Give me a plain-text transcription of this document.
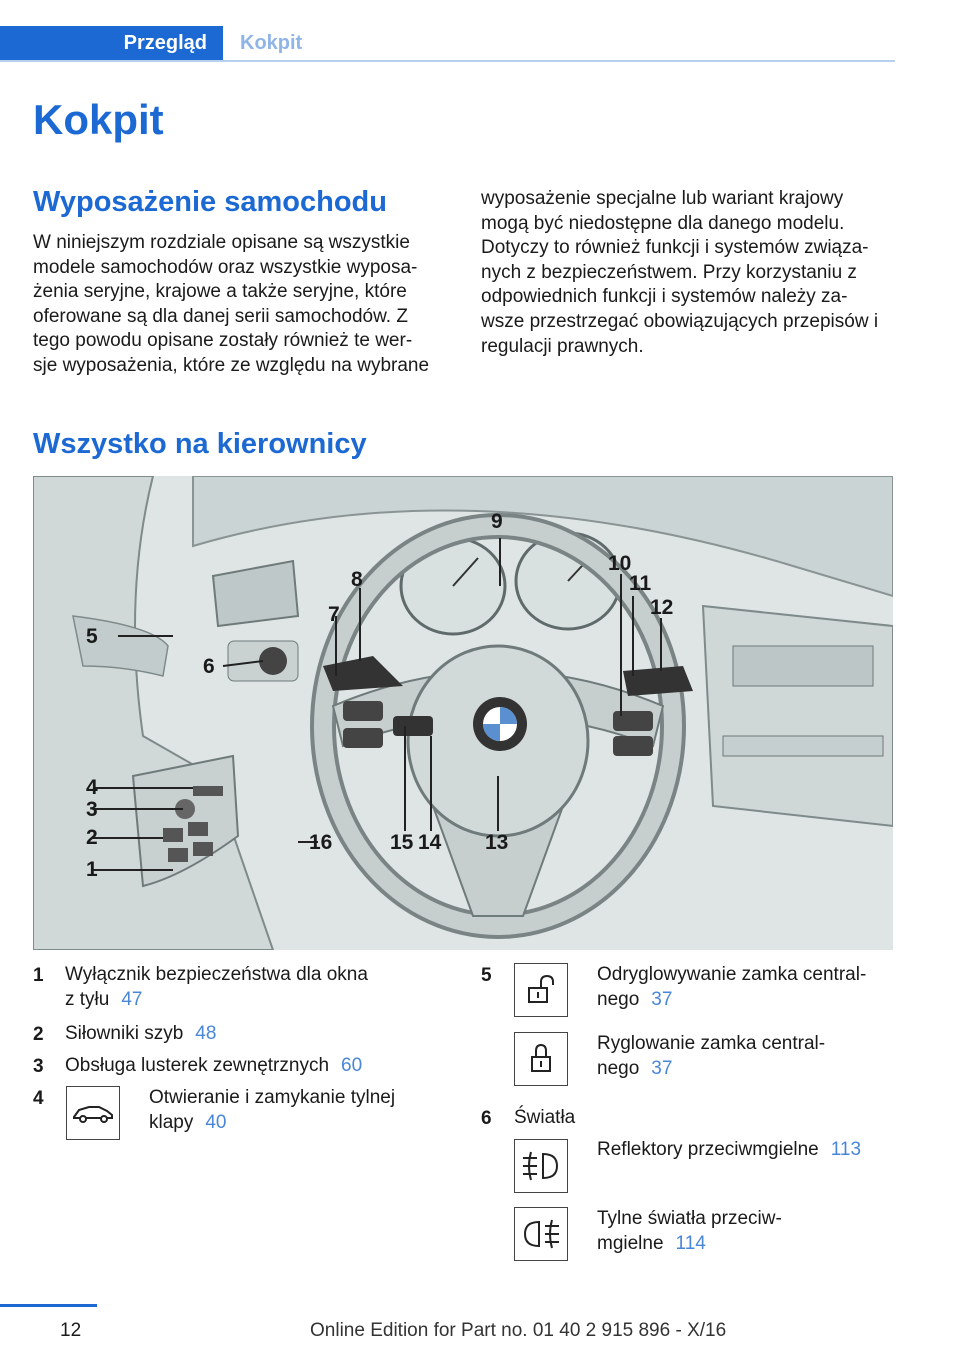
Przegląd	Kokpit
Kokpit
Wyposażenie samochodu
W niniejszym rozdziale opisane są wszystkie
modele samochodów oraz wszystkie wyposa‐
żenia seryjne, krajowe a także seryjne, które
oferowane są dla danej serii samochodów. Z
tego powodu opisane zostały również te wer‐
sje wyposażenia, które ze względu na wybrane
wyposażenie specjalne lub wariant krajowy
mogą być niedostępne dla danego modelu.
Dotyczy to również funkcji i systemów związa‐
nych z bezpieczeństwem. Przy korzystaniu z
odpowiednich funkcji i systemów należy za‐
wsze przestrzegać obowiązujących przepisów i
regulacji prawnych.
Wszystko na kierownicy
5
6
4
3
2
1
7
8
9
10
11
12
13
14
15
16
1 Wyłącznik bezpieczeństwa dla okna
z tyłu 47
2 Siłowniki szyb 48
3 Obsługa lusterek zewnętrznych 60
4	Otwieranie i zamykanie tylnej
klapy 40
5	Odryglowywanie zamka central‐
nego 37
Ryglowanie zamka central‐
nego 37
6 Światła
Reflektory przeciwmgielne 113
Tylne światła przeciw‐
mgielne 114
12	Online Edition for Part no. 01 40 2 915 896 - X/16
